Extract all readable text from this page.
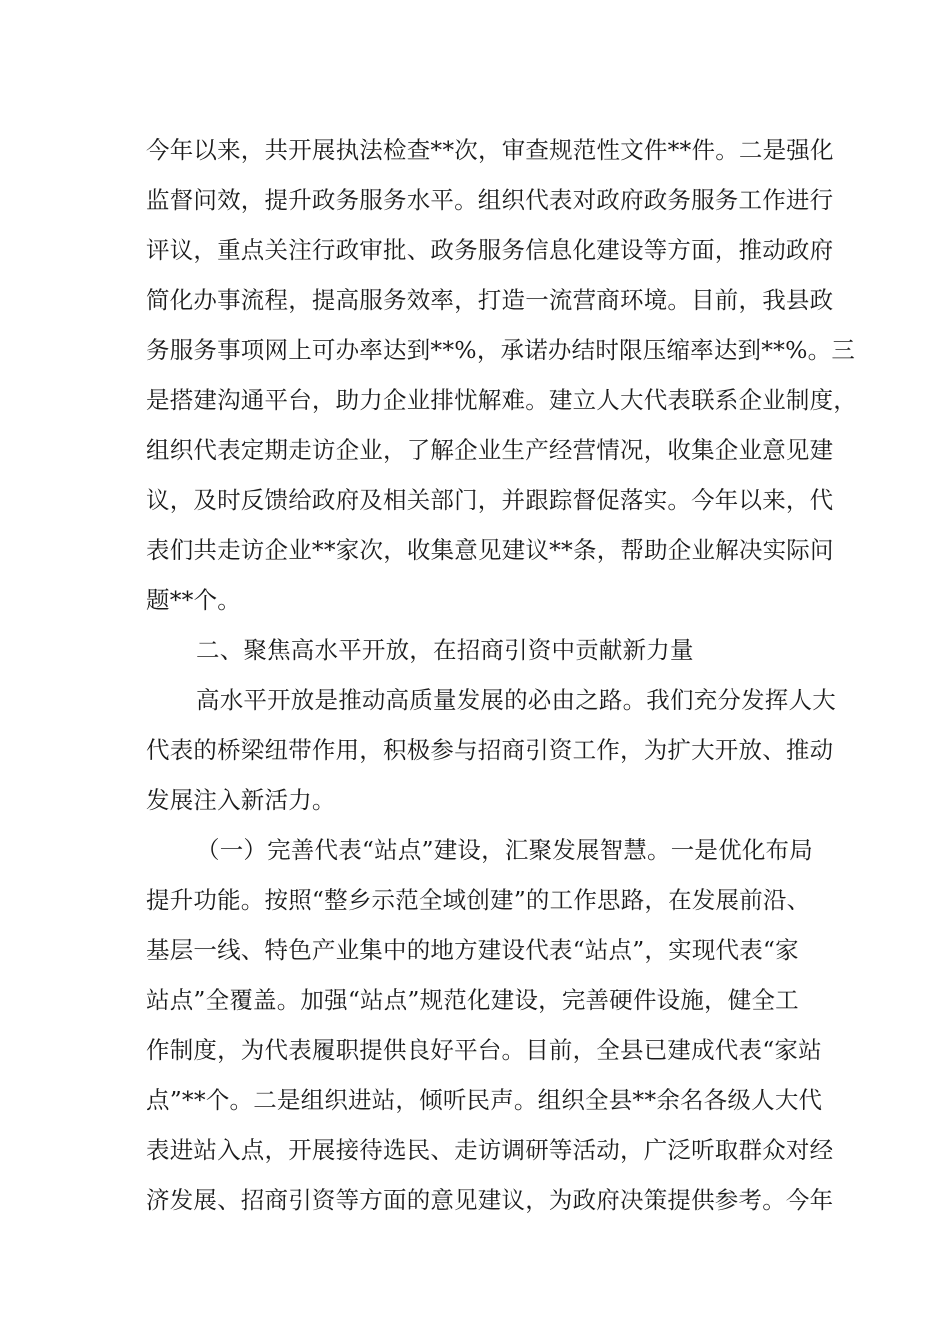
今年以来，共开展执法检查**次，审查规范性文件**件。二是强化
监督问效，提升政务服务水平。组织代表对政府政务服务工作进行
评议，重点关注行政审批、政务服务信息化建设等方面，推动政府
简化办事流程，提高服务效率，打造一流营商环境。目前，我县政
务服务事项网上可办率达到**%，承诺办结时限压缩率达到**%。三
是搭建沟通平台，助力企业排忧解难。建立人大代表联系企业制度，
组织代表定期走访企业，了解企业生产经营情况，收集企业意见建
议，及时反馈给政府及相关部门，并跟踪督促落实。今年以来，代
表们共走访企业**家次，收集意见建议**条，帮助企业解决实际问
题**个。
二、聚焦高水平开放，在招商引资中贡献新力量
高水平开放是推动高质量发展的必由之路。我们充分发挥人大
代表的桥梁纽带作用，积极参与招商引资工作，为扩大开放、推动
发展注入新活力。
（一）完善代表“站点”建设，汇聚发展智慧。一是优化布局
提升功能。按照“整乡示范全域创建”的工作思路，在发展前沿、
基层一线、特色产业集中的地方建设代表“站点”，实现代表“家
站点”全覆盖。加强“站点”规范化建设，完善硬件设施，健全工
作制度，为代表履职提供良好平台。目前，全县已建成代表“家站
点”**个。二是组织进站，倾听民声。组织全县**余名各级人大代
表进站入点，开展接待选民、走访调研等活动，广泛听取群众对经
济发展、招商引资等方面的意见建议，为政府决策提供参考。今年
